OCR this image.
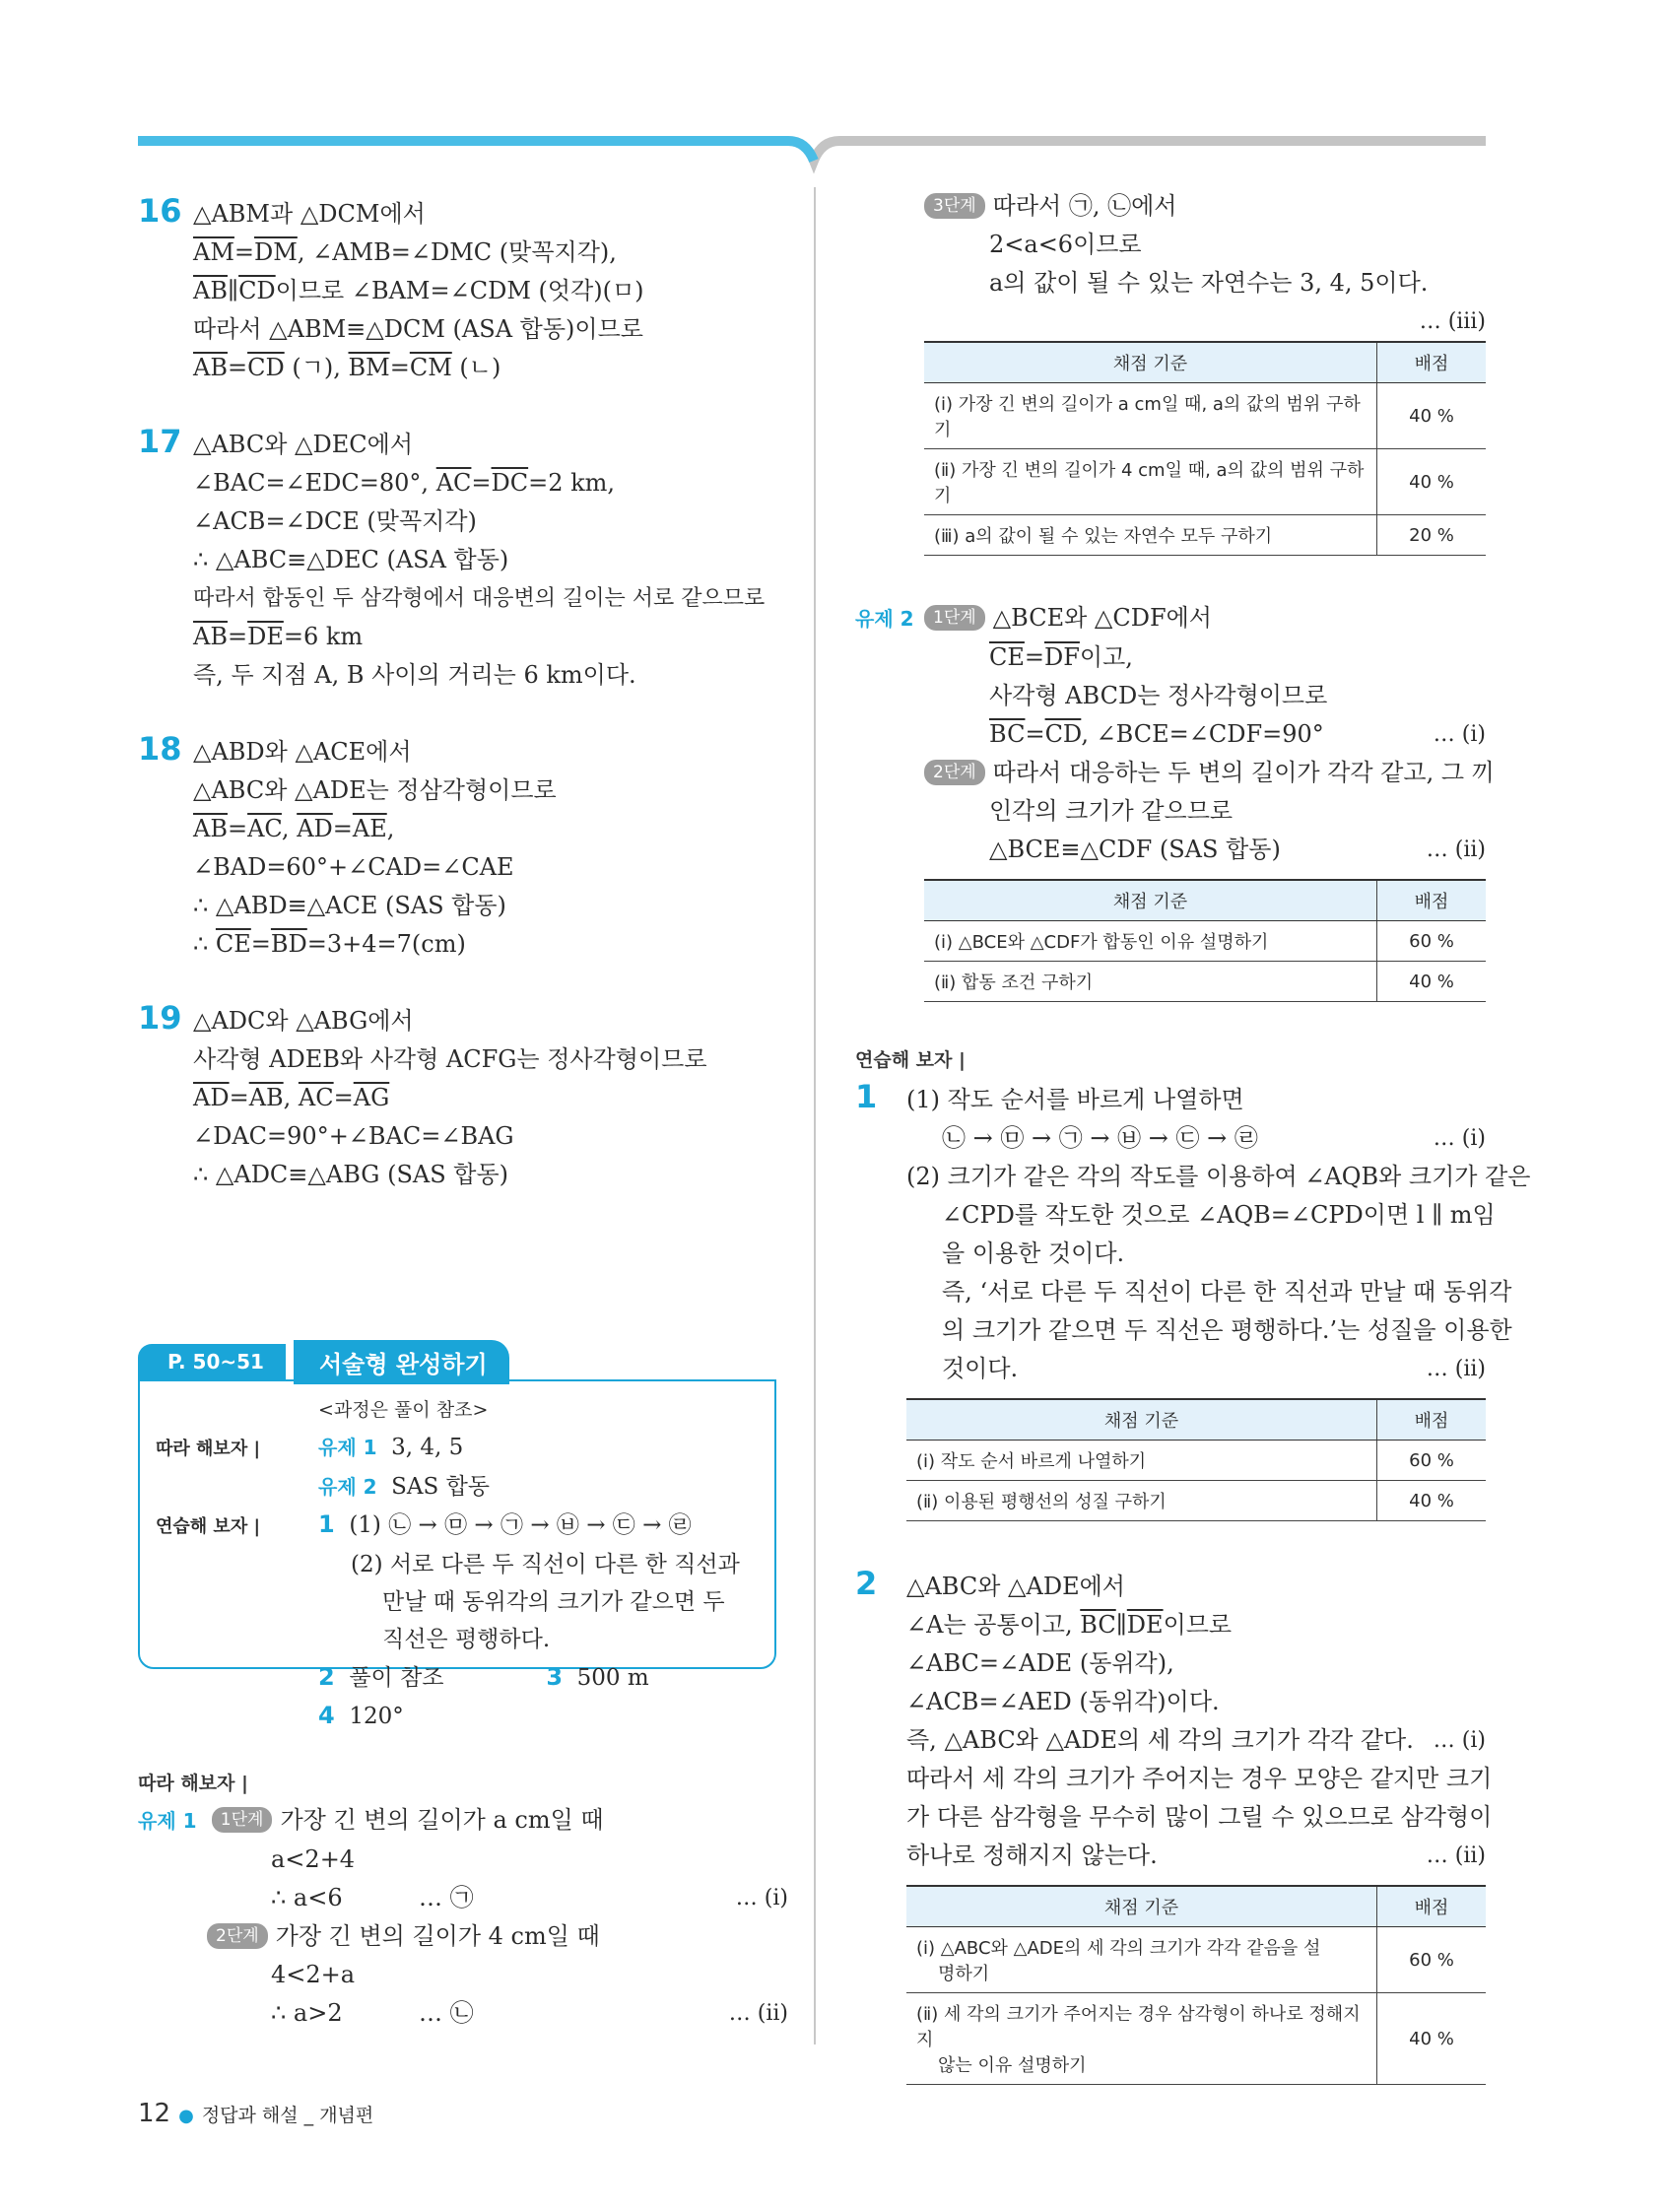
16 △ABM과 △DCM에서
$\overline{AM}=\overline{DM}$, ∠AMB=∠DMC (맞꼭지각),
$\overline{AB}\parallel\overline{CD}$이므로 ∠BAM=∠CDM (엇각)(ㅁ)
따라서 △ABM≡△DCM (ASA 합동)이므로
$\overline{AB}=\overline{CD}$ (ㄱ), $\overline{BM}=\overline{CM}$ (ㄴ)
17 △ABC와 △DEC에서
∠BAC=∠EDC=80°, $\overline{AC}=\overline{DC}=2$ km,
∠ACB=∠DCE (맞꼭지각)
∴ △ABC≡△DEC (ASA 합동)
따라서 합동인 두 삼각형에서 대응변의 길이는 서로 같으므로
$\overline{AB}=\overline{DE}=6$ km
즉, 두 지점 A, B 사이의 거리는 6 km이다.
18 △ABD와 △ACE에서
△ABC와 △ADE는 정삼각형이므로
$\overline{AB}=\overline{AC}$, $\overline{AD}=\overline{AE}$,
∠BAD=60°+∠CAD=∠CAE
∴ △ABD≡△ACE (SAS 합동)
∴ $\overline{CE}=\overline{BD}=3+4=7(cm)$
19 △ADC와 △ABG에서
사각형 ADEB와 사각형 ACFG는 정사각형이므로
$\overline{AD}=\overline{AB}$, $\overline{AC}=\overline{AG}$
∠DAC=90°+∠BAC=∠BAG
∴ △ADC≡△ABG (SAS 합동)
P. 50~51	서술형 완성하기
<과정은 풀이 참조>
따라 해보자 |	유제 1 3, 4, 5
유제 2 SAS 합동
연습해 보자 | 1 (1) ㉡ → ㉤ → ㉠ → ㉥ → ㉢ → ㉣
(2) 서로 다른 두 직선이 다른 한 직선과
만날 때 동위각의 크기가 같으면 두
직선은 평행하다.
2 풀이 참조	3 500 m
4 120°
따라 해보자 |
유제 1 1단계 가장 긴 변의 길이가 a cm일 때
a<2+4
∴ a<6	… ㉠	… (ⅰ)
2단계 가장 긴 변의 길이가 4 cm일 때
4<2+a
∴ a>2	… ㉡	… (ⅱ)
3단계 따라서 ㉠, ㉡에서
2<a<6이므로
a의 값이 될 수 있는 자연수는 3, 4, 5이다.
… (ⅲ)
채점 기준	배점
(ⅰ) 가장 긴 변의 길이가 a cm일 때, a의 값의 범위 구하기	40 %
(ⅱ) 가장 긴 변의 길이가 4 cm일 때, a의 값의 범위 구하기	40 %
(ⅲ) a의 값이 될 수 있는 자연수 모두 구하기	20 %
유제 2 1단계 △BCE와 △CDF에서
$\overline{CE}=\overline{DF}$이고,
사각형 ABCD는 정사각형이므로
$\overline{BC}=\overline{CD}$, ∠BCE=∠CDF=90°	… (ⅰ)
2단계 따라서 대응하는 두 변의 길이가 각각 같고, 그 끼
인각의 크기가 같으므로
△BCE≡△CDF (SAS 합동)	… (ⅱ)
채점 기준	배점
(ⅰ) △BCE와 △CDF가 합동인 이유 설명하기	60 %
(ⅱ) 합동 조건 구하기	40 %
연습해 보자 |
1 (1) 작도 순서를 바르게 나열하면
㉡ → ㉤ → ㉠ → ㉥ → ㉢ → ㉣	… (ⅰ)
(2) 크기가 같은 각의 작도를 이용하여 ∠AQB와 크기가 같은
∠CPD를 작도한 것으로 ∠AQB=∠CPD이면 l ∥ m임
을 이용한 것이다.
즉, ‘서로 다른 두 직선이 다른 한 직선과 만날 때 동위각
의 크기가 같으면 두 직선은 평행하다.’는 성질을 이용한
것이다.	… (ⅱ)
채점 기준	배점
(ⅰ) 작도 순서 바르게 나열하기	60 %
(ⅱ) 이용된 평행선의 성질 구하기	40 %
2 △ABC와 △ADE에서
∠A는 공통이고, $\overline{BC}\parallel\overline{DE}$이므로
∠ABC=∠ADE (동위각),
∠ACB=∠AED (동위각)이다.
즉, △ABC와 △ADE의 세 각의 크기가 각각 같다. … (ⅰ)
따라서 세 각의 크기가 주어지는 경우 모양은 같지만 크기
가 다른 삼각형을 무수히 많이 그릴 수 있으므로 삼각형이
하나로 정해지지 않는다.	… (ⅱ)
채점 기준	배점
(ⅰ) △ABC와 △ADE의 세 각의 크기가 각각 같음을 설
명하기	60 %
(ⅱ) 세 각의 크기가 주어지는 경우 삼각형이 하나로 정해지지
않는 이유 설명하기	40 %
12 ● 정답과 해설 _ 개념편
